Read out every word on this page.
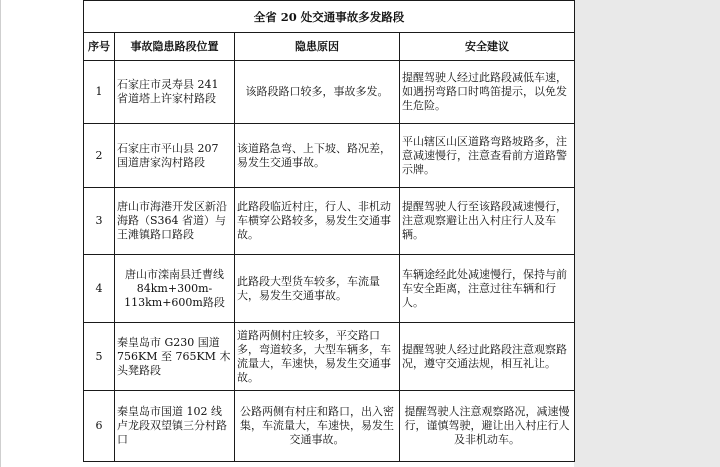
全省 20 处交通事故多发路段			
序号	事故隐患路段位置	隐患原因	安全建议
1	石家庄市灵寿县 241 省道塔上许家村路段	该路段路口较多，事故多发。	提醒驾驶人经过此路段减低车速，如遇拐弯路口时鸣笛提示，以免发生危险。
2	石家庄市平山县 207 国道唐家沟村路段	该道路急弯、上下坡、路况差，易发生交通事故。	平山辖区山区道路弯路坡路多，注意减速慢行，注意查看前方道路警示牌。
3	唐山市海港开发区新沿海路（S364 省道）与王滩镇路口路段	此路段临近村庄，行人、非机动车横穿公路较多，易发生交通事故。	提醒驾驶人行至该路段减速慢行，注意观察避让出入村庄行人及车辆。
4	唐山市滦南县迁曹线84km+300m-113km+600m路段	此路段大型货车较多，车流量大，易发生交通事故。	车辆途经此处减速慢行，保持与前车安全距离，注意过往车辆和行人。
5	秦皇岛市 G230 国道 756KM 至 765KM 木头凳路段	道路两侧村庄较多，平交路口多，弯道较多，大型车辆多，车流量大，车速快，易发生交通事故。	提醒驾驶人经过此路段注意观察路况，遵守交通法规，相互礼让。
6	秦皇岛市国道 102 线卢龙段双望镇三分村路口	公路两侧有村庄和路口，出入密集，车流量大，车速快，易发生交通事故。	提醒驾驶人注意观察路况，减速慢行，谨慎驾驶，避让出入村庄行人及非机动车。
